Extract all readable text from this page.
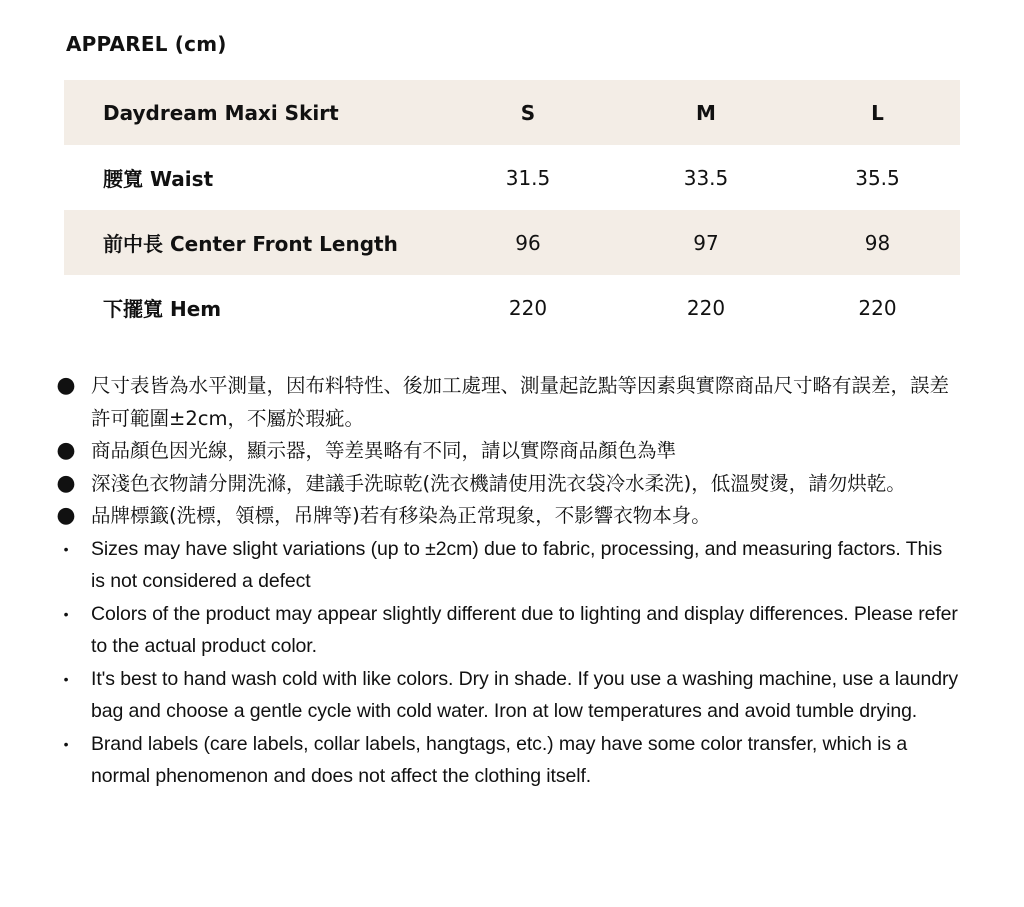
APPAREL (cm)
Daydream Maxi Skirt	S	M	L
腰寬 Waist	31.5	33.5	35.5
前中長 Center Front Length	96	97	98
下擺寬 Hem	220	220	220
● 尺寸表皆為水平測量，因布料特性、後加工處理、測量起訖點等因素與實際商品尺寸略有誤差，誤差許可範圍±2cm，不屬於瑕疵。
● 商品顏色因光線，顯示器，等差異略有不同，請以實際商品顏色為準
● 深淺色衣物請分開洗滌，建議手洗晾乾(洗衣機請使用洗衣袋冷水柔洗)，低溫熨燙，請勿烘乾。
● 品牌標籤(洗標，領標，吊牌等)若有移染為正常現象，不影響衣物本身。
•	Sizes may have slight variations (up to ±2cm) due to fabric, processing, and measuring factors. This is not considered a defect
•	Colors of the product may appear slightly different due to lighting and display differences. Please refer to the actual product color.
•	It's best to hand wash cold with like colors. Dry in shade. If you use a washing machine, use a laundry bag and choose a gentle cycle with cold water. Iron at low temperatures and avoid tumble drying.
•	Brand labels (care labels, collar labels, hangtags, etc.) may have some color transfer, which is a normal phenomenon and does not affect the clothing itself.
